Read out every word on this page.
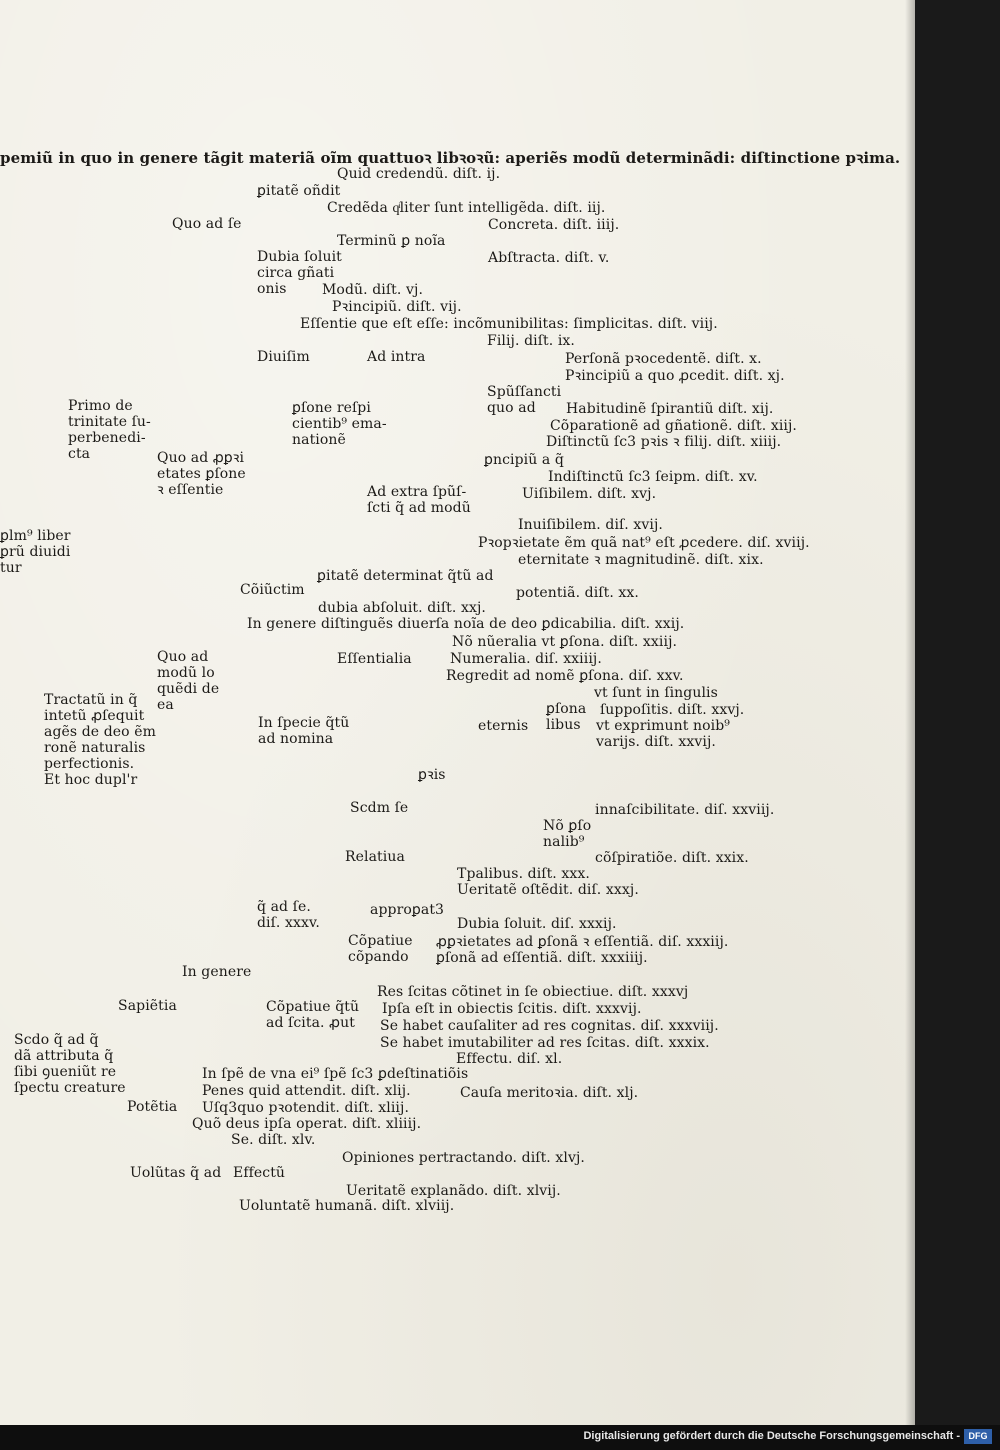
pemiũ in quo in genere tãgit materiã oĩm quattuoꝛ libꝛoꝛũ: aperiẽs modũ determinãdi: diſtinctione pꝛima.

Quid credendũ. diſt. ij.

ꝑitatẽ oñdit

Credẽda qͥliter ſunt intelligẽda. diſt. iij.

Quo ad ſe	Concreta. diſt. iiij.

Terminũ ꝑ noĩa

Dubia ſoluit
circa gñati
onis

Abſtracta. diſt. v.

Modũ. diſt. vj.

Pꝛincipiũ. diſt. vij.

Eſſentie que eſt eſſe: incõmunibilitas: ſimplicitas. diſt. viij.

Filij. diſt. ix.

Diuiſim	Ad intra	Perſonã pꝛocedentẽ. diſt. x.

Pꝛincipiũ a quo ꝓcedit. diſt. xj.

Spũſſancti
quo ad

Primo de
trinitate ſu-
perbenedi-
cta

ꝑſone reſpi
cientib⁹ ema-
nationẽ

Habitudinẽ ſpirantiũ diſt. xij.

Cõparationẽ ad gñationẽ. diſt. xiij.

Diſtinctũ ſc3 pꝛis ꝛ filij. diſt. xiiij.

Quo ad ꝓꝑꝛi
etates ꝑſone
ꝛ eſſentie

ꝑncipiũ a q̃

Indiſtinctũ ſc3 ſeipm. diſt. xv.

Ad extra ſpũſ-
ſcti q̃ ad modũ

Uiſibilem. diſt. xvj.

Inuiſibilem. diſ. xvij.

ꝑlm⁹ liber
ꝑrũ diuidi
tur

Pꝛopꝛietate ẽm quã nat⁹ eſt ꝓcedere. diſ. xviij.

eternitate ꝛ magnitudinẽ. diſt. xix.

ꝑitatẽ determinat q̃tũ ad

Cõiũctim	potentiã. diſt. xx.

dubia abſoluit. diſt. xxj.

In genere diſtinguẽs diuerſa noĩa de deo ꝑdicabilia. diſt. xxij.

Nõ nũeralia vt ꝑſona. diſt. xxiij.

Quo ad
modũ lo
quẽdi de
ea

Eſſentialia	Numeralia. diſ. xxiiij.

Regredit ad nomẽ ꝑſona. diſ. xxv.

vt ſunt in ſingulis

ſuppoſitis. diſt. xxvj.

Tractatũ in q̃
intetũ ꝓſequit
agẽs de deo ẽm
ronẽ naturalis
perfectionis.
Et hoc dupl'r

ꝑſona
libus

In ſpecie q̃tũ
ad nomina

eternis	vt exprimunt noib⁹
varijs. diſt. xxvij.

ꝑꝛis

Scdm ſe	innaſcibilitate. diſ. xxviij.

Nõ ꝑſo
nalib⁹

Relatiua	cõſpiratiõe. diſt. xxix.

Tpalibus. diſt. xxx.

Ueritatẽ oſtẽdit. diſ. xxxj.

q̃ ad ſe.
diſ. xxxv.

approꝑat3

Dubia ſoluit. diſ. xxxij.

Cõpatiue
cõpando

ꝓꝑꝛietates ad ꝑſonã ꝛ eſſentiã. diſ. xxxiij.

ꝑſonã ad eſſentiã. diſt. xxxiiij.

In genere

Res ſcitas cõtinet in ſe obiectiue. diſt. xxxvj

Sapiẽtia	Cõpatiue q̃tũ
ad ſcita. ꝓut

Ipſa eſt in obiectis ſcitis. diſt. xxxvij.

Se habet cauſaliter ad res cognitas. diſ. xxxviij.

Scdo q̃ ad q̃
dã attributa q̃
ſibi ꝯueniũt re
ſpectu creature

Se habet imutabiliter ad res ſcitas. diſt. xxxix.

Effectu. diſ. xl.

In ſpẽ de vna ei⁹ ſpẽ ſc3 ꝑdeſtinatiõis

Penes quid attendit. diſt. xlij.	Cauſa meritoꝛia. diſt. xlj.

Potẽtia Uſq3quo pꝛotendit. diſt. xliij.

Quõ deus ipſa operat. diſt. xliiij.

Se. diſt. xlv.

Opiniones pertractando. diſt. xlvj.

Uolũtas q̃ ad Effectũ

Ueritatẽ explanãdo. diſt. xlvij.

Uoluntatẽ humanã. diſt. xlviij.

Digitalisierung gefördert durch die Deutsche Forschungsgemeinschaft - DFG
